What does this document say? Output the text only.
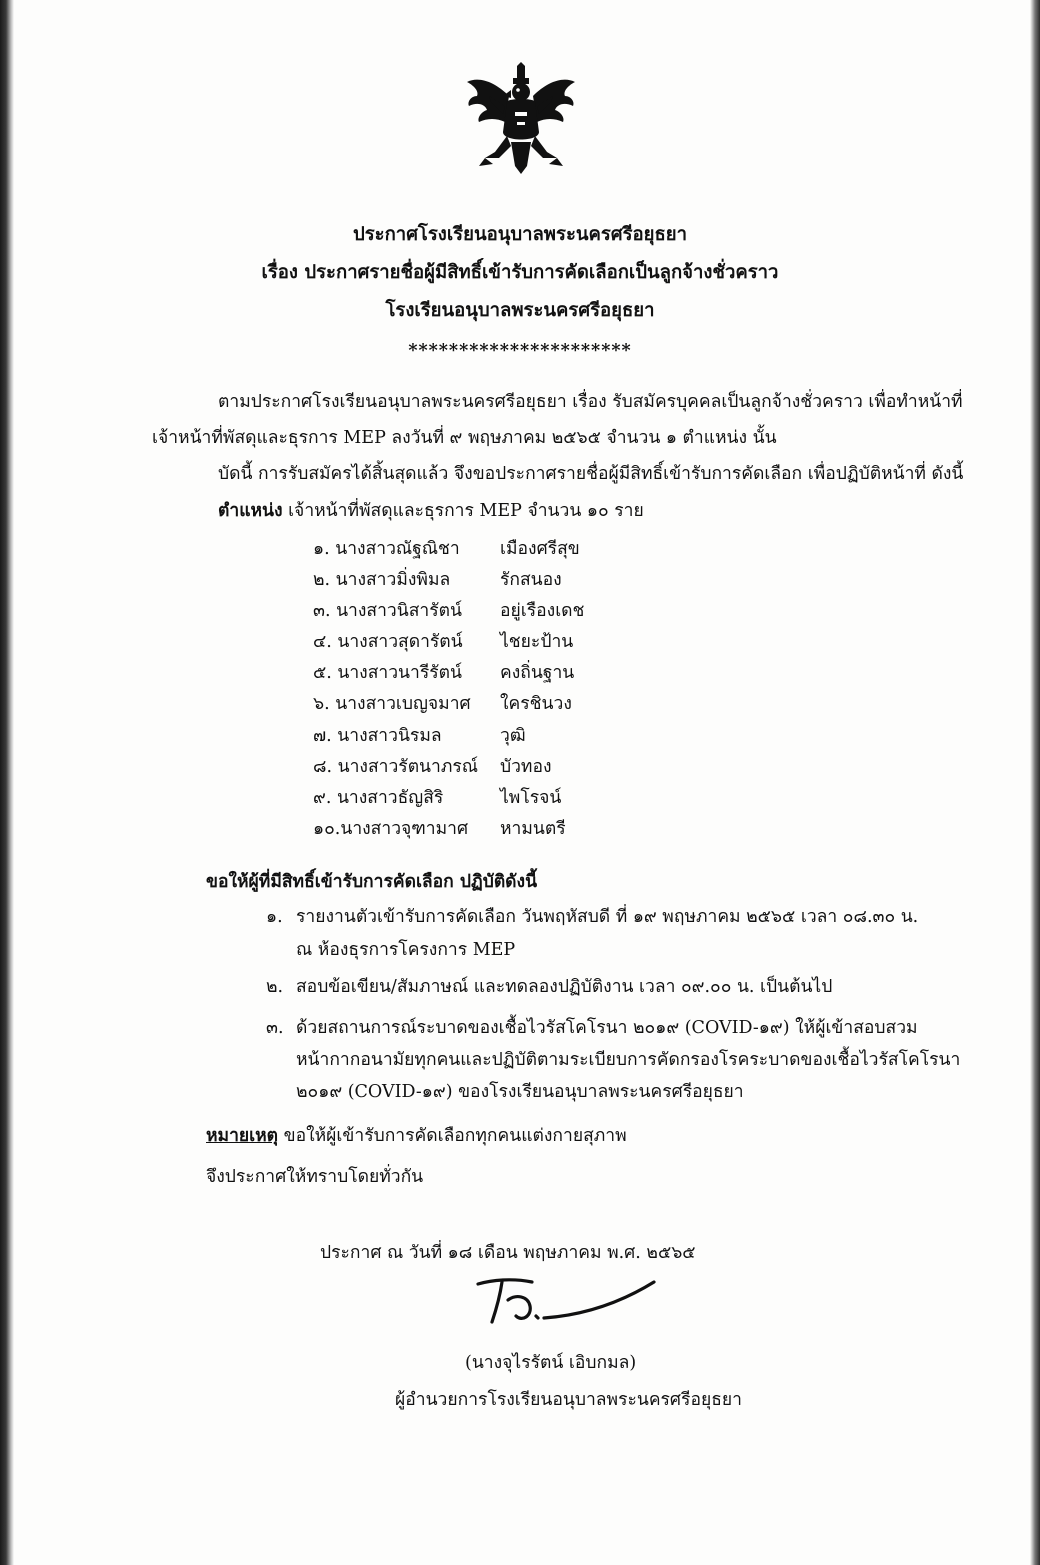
ประกาศโรงเรียนอนุบาลพระนครศรีอยุธยา
เรื่อง ประกาศรายชื่อผู้มีสิทธิ์เข้ารับการคัดเลือกเป็นลูกจ้างชั่วคราว
โรงเรียนอนุบาลพระนครศรีอยุธยา
**********************
ตามประกาศโรงเรียนอนุบาลพระนครศรีอยุธยา เรื่อง รับสมัครบุคคลเป็นลูกจ้างชั่วคราว เพื่อทำหน้าที่
เจ้าหน้าที่พัสดุและธุรการ MEP ลงวันที่ ๙ พฤษภาคม ๒๕๖๕ จำนวน ๑ ตำแหน่ง นั้น
บัดนี้ การรับสมัครได้สิ้นสุดแล้ว จึงขอประกาศรายชื่อผู้มีสิทธิ์เข้ารับการคัดเลือก เพื่อปฏิบัติหน้าที่ ดังนี้
ตำแหน่ง เจ้าหน้าที่พัสดุและธุรการ MEP จำนวน ๑๐ ราย
๑. นางสาวณัฐณิชา เมืองศรีสุข
๒. นางสาวมิ่งพิมล	รักสนอง
๓. นางสาวนิสารัตน์ อยู่เรืองเดช
๔. นางสาวสุดารัตน์ ไชยะป้าน
๕. นางสาวนารีรัตน์ คงถิ่นฐาน
๖. นางสาวเบญจมาศ ใครชินวง
๗. นางสาวนิรมล	วุฒิ
๘. นางสาวรัตนาภรณ์ บัวทอง
๙. นางสาวธัญสิริ	ไพโรจน์
๑๐.นางสาวจุฑามาศ หามนตรี
ขอให้ผู้ที่มีสิทธิ์เข้ารับการคัดเลือก ปฏิบัติดังนี้
๑. รายงานตัวเข้ารับการคัดเลือก วันพฤหัสบดี ที่ ๑๙ พฤษภาคม ๒๕๖๕ เวลา ๐๘.๓๐ น.
ณ ห้องธุรการโครงการ MEP
๒. สอบข้อเขียน/สัมภาษณ์ และทดลองปฏิบัติงาน เวลา ๐๙.๐๐ น. เป็นต้นไป
๓. ด้วยสถานการณ์ระบาดของเชื้อไวรัสโคโรนา ๒๐๑๙ (COVID-๑๙) ให้ผู้เข้าสอบสวม
หน้ากากอนามัยทุกคนและปฏิบัติตามระเบียบการคัดกรองโรคระบาดของเชื้อไวรัสโคโรนา
๒๐๑๙ (COVID-๑๙) ของโรงเรียนอนุบาลพระนครศรีอยุธยา
หมายเหตุ ขอให้ผู้เข้ารับการคัดเลือกทุกคนแต่งกายสุภาพ
จึงประกาศให้ทราบโดยทั่วกัน
ประกาศ ณ วันที่ ๑๘ เดือน พฤษภาคม พ.ศ. ๒๕๖๕
(นางจุไรรัตน์ เอิบกมล)
ผู้อำนวยการโรงเรียนอนุบาลพระนครศรีอยุธยา
